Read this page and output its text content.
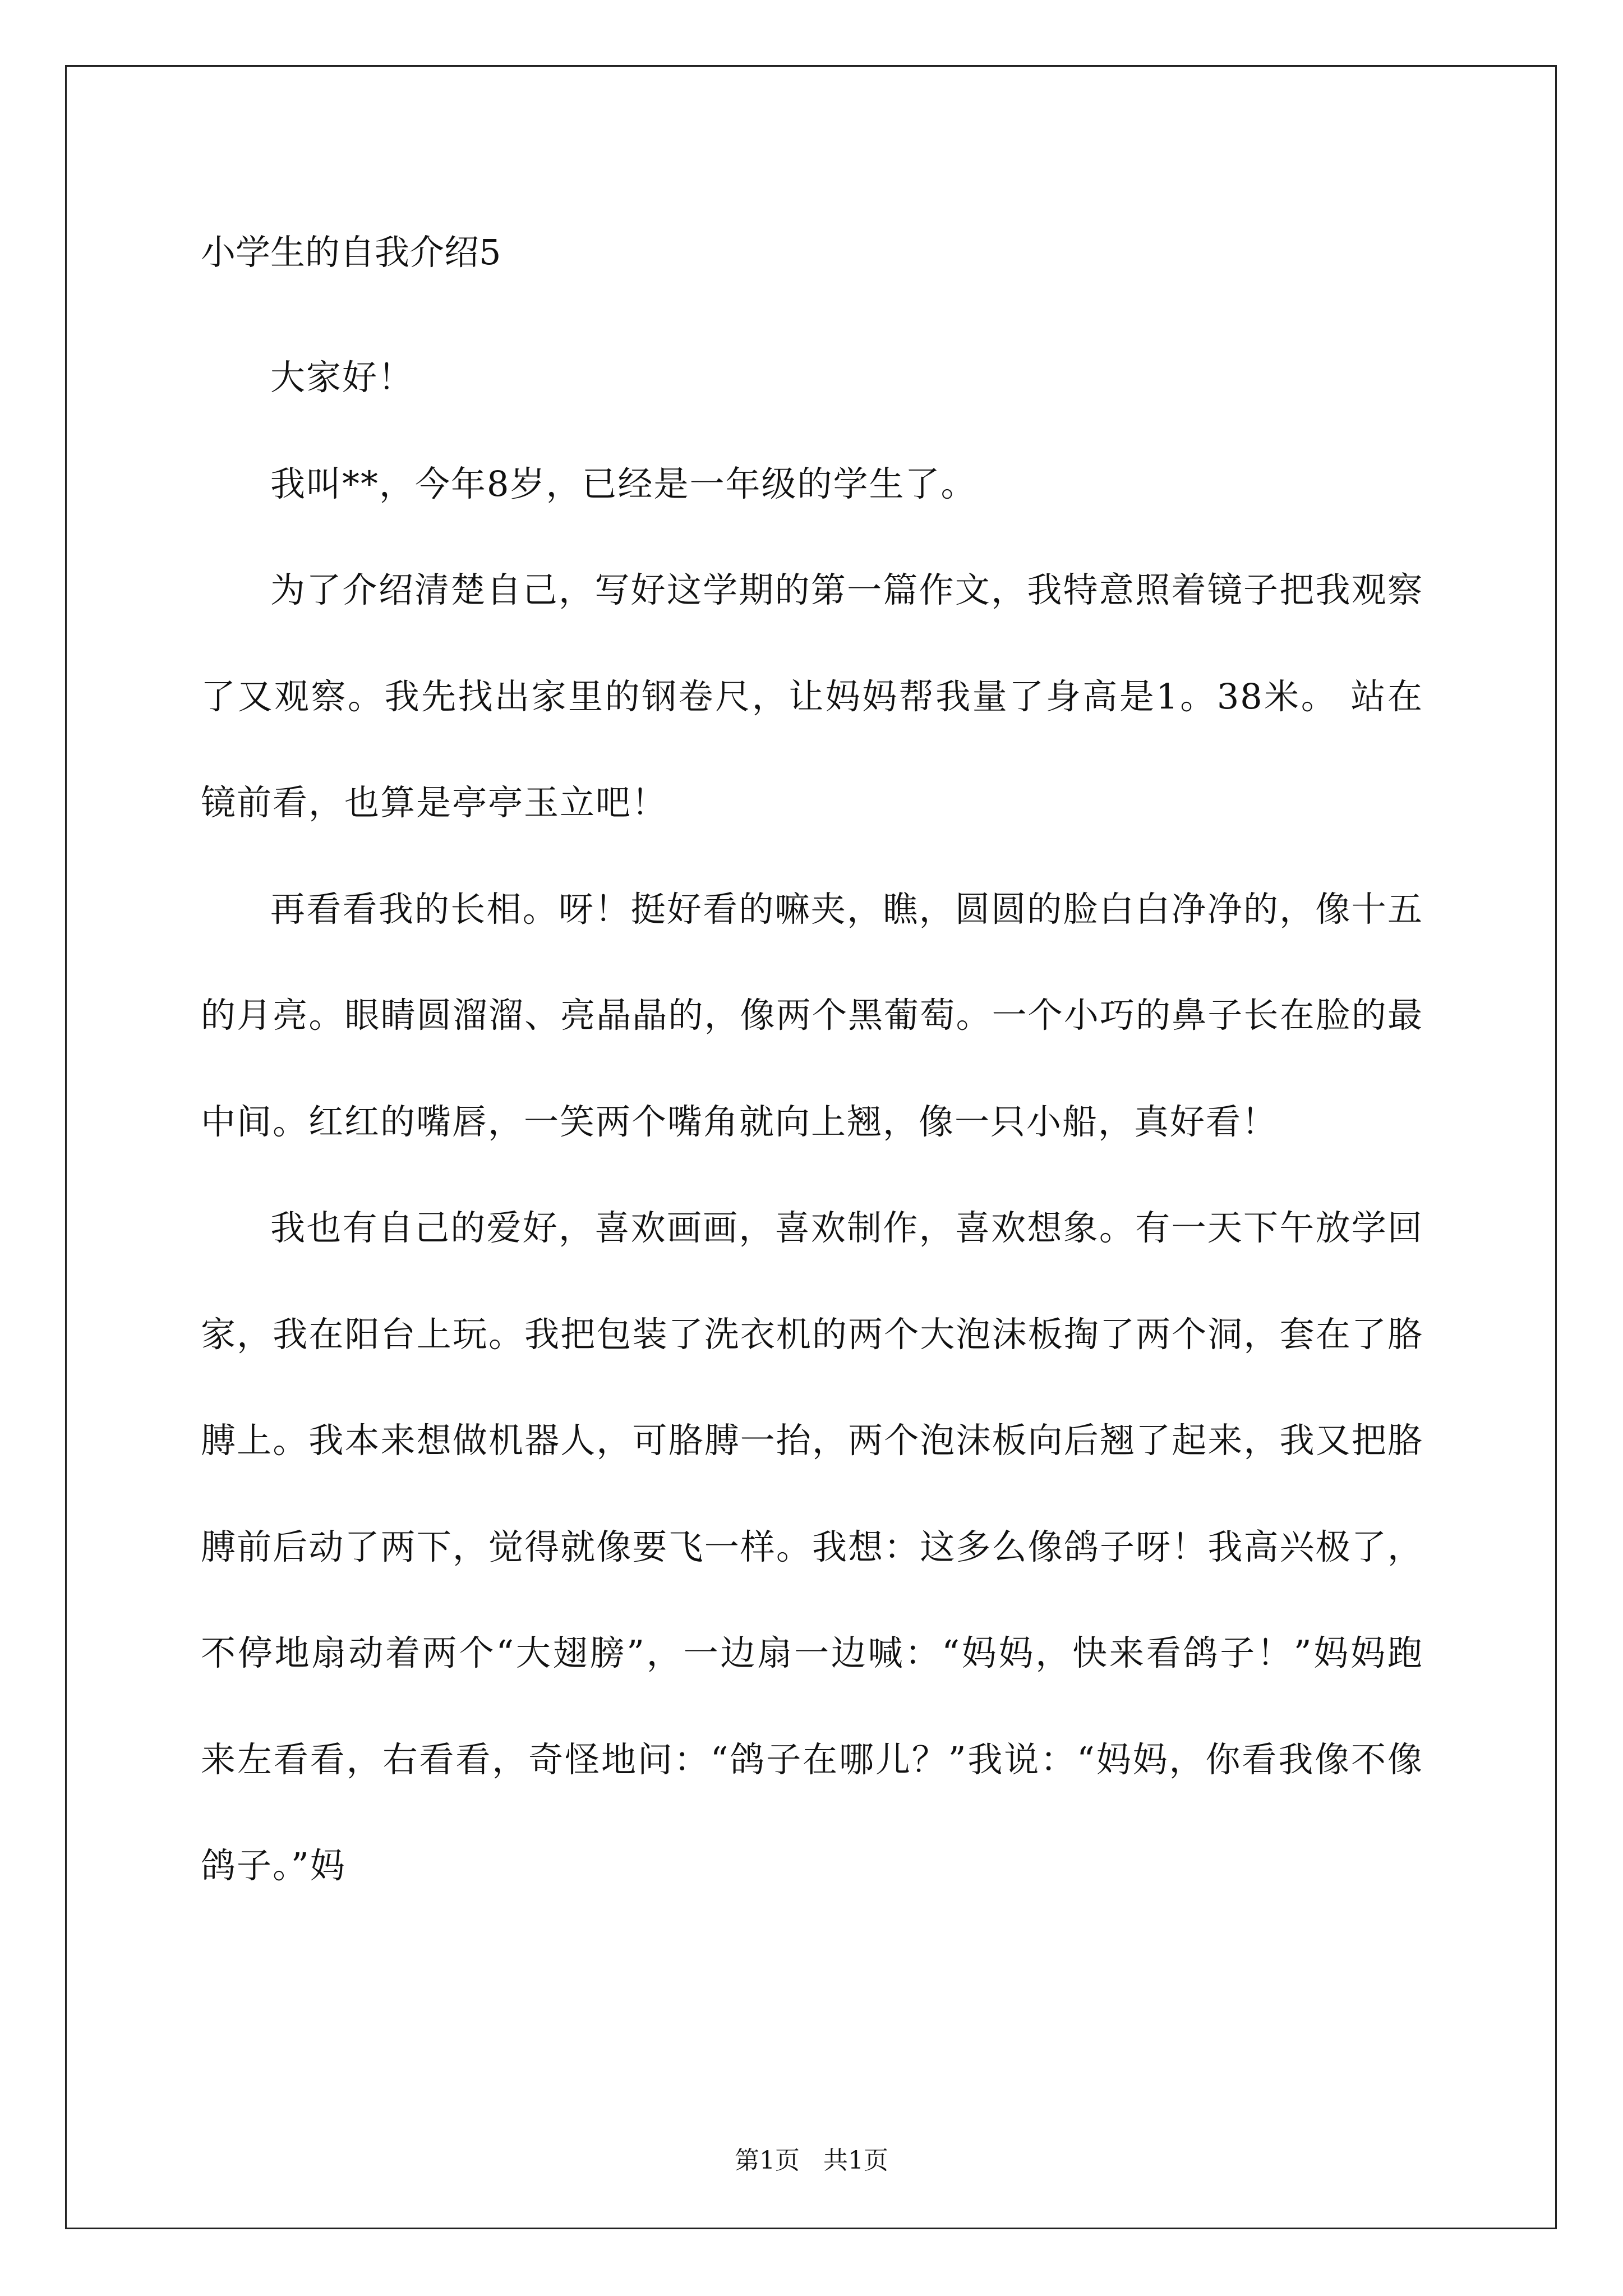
小学生的自我介绍5

大家好！

我叫**，今年8岁，已经是一年级的学生了。

为了介绍清楚自己，写好这学期的第一篇作文，我特意照着镜子把我观察了又观察。我先找出家里的钢卷尺，让妈妈帮我量了身高是1。38米。 站在镜前看，也算是亭亭玉立吧！

再看看我的长相。呀！挺好看的嘛夹，瞧，圆圆的脸白白净净的，像十五的月亮。眼睛圆溜溜、亮晶晶的，像两个黑葡萄。一个小巧的鼻子长在脸的最中间。红红的嘴唇，一笑两个嘴角就向上翘，像一只小船，真好看！

我也有自己的爱好，喜欢画画，喜欢制作，喜欢想象。有一天下午放学回家，我在阳台上玩。我把包装了洗衣机的两个大泡沫板掏了两个洞，套在了胳膊上。我本来想做机器人，可胳膊一抬，两个泡沫板向后翘了起来，我又把胳膊前后动了两下，觉得就像要飞一样。我想：这多么像鸽子呀！我高兴极了，不停地扇动着两个“大翅膀”，一边扇一边喊：“妈妈，快来看鸽子！”妈妈跑来左看看，右看看，奇怪地问：“鸽子在哪儿？”我说：“妈妈，你看我像不像鸽子。”妈

第1页   共1页
